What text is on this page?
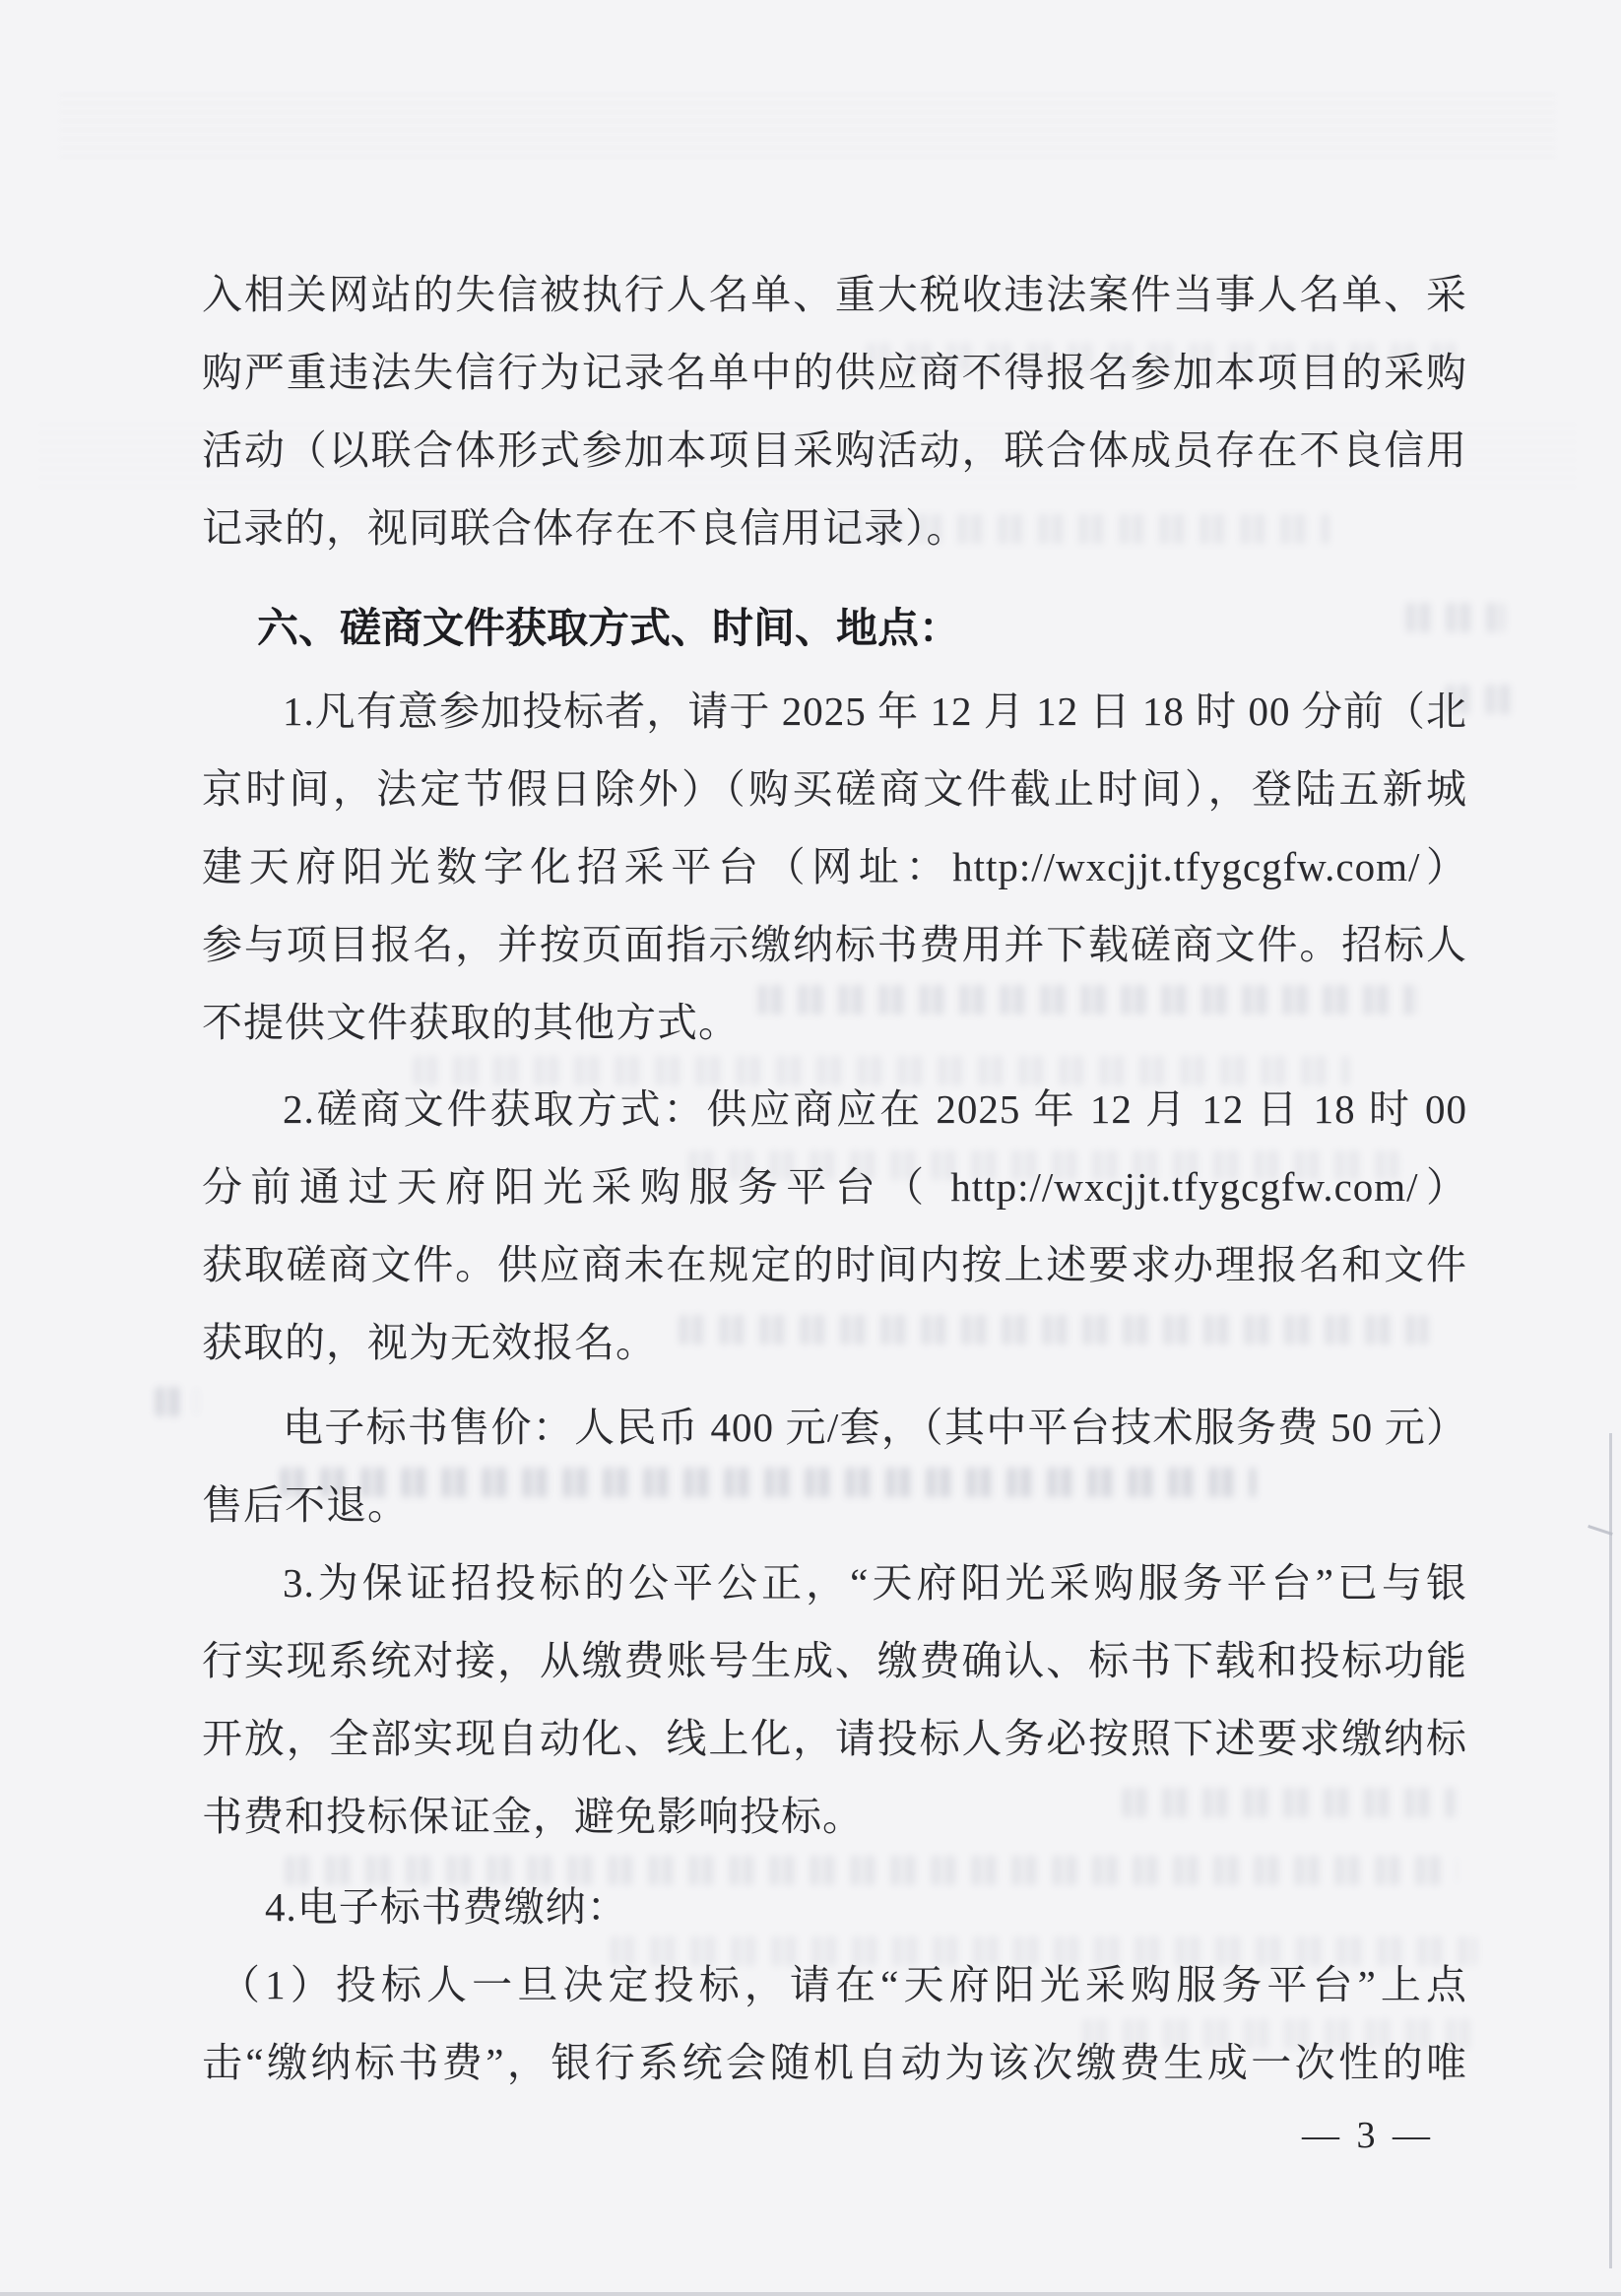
入相关网站的失信被执行人名单、重大税收违法案件当事人名单、采
购严重违法失信行为记录名单中的供应商不得报名参加本项目的采购
活动（以联合体形式参加本项目采购活动，联合体成员存在不良信用
记录的，视同联合体存在不良信用记录）。
六、磋商文件获取方式、时间、地点：
1.凡有意参加投标者，请于 2025 年 12 月 12 日 18 时 00 分前（北
京时间，法定节假日除外）（购买磋商文件截止时间），登陆五新城
建天府阳光数字化招采平台（网址：http://wxcjjt.tfygcgfw.com/）
参与项目报名，并按页面指示缴纳标书费用并下载磋商文件。招标人
不提供文件获取的其他方式。
2.磋商文件获取方式：供应商应在 2025 年 12 月 12 日 18 时 00
分前通过天府阳光采购服务平台（ http://wxcjjt.tfygcgfw.com/）
获取磋商文件。供应商未在规定的时间内按上述要求办理报名和文件
获取的，视为无效报名。
电子标书售价：人民币 400 元/套，（其中平台技术服务费 50 元）
售后不退。
3.为保证招投标的公平公正，“天府阳光采购服务平台”已与银
行实现系统对接，从缴费账号生成、缴费确认、标书下载和投标功能
开放，全部实现自动化、线上化，请投标人务必按照下述要求缴纳标
书费和投标保证金，避免影响投标。
4.电子标书费缴纳：
（1）投标人一旦决定投标，请在“天府阳光采购服务平台”上点
击“缴纳标书费”，银行系统会随机自动为该次缴费生成一次性的唯
— 3 —
